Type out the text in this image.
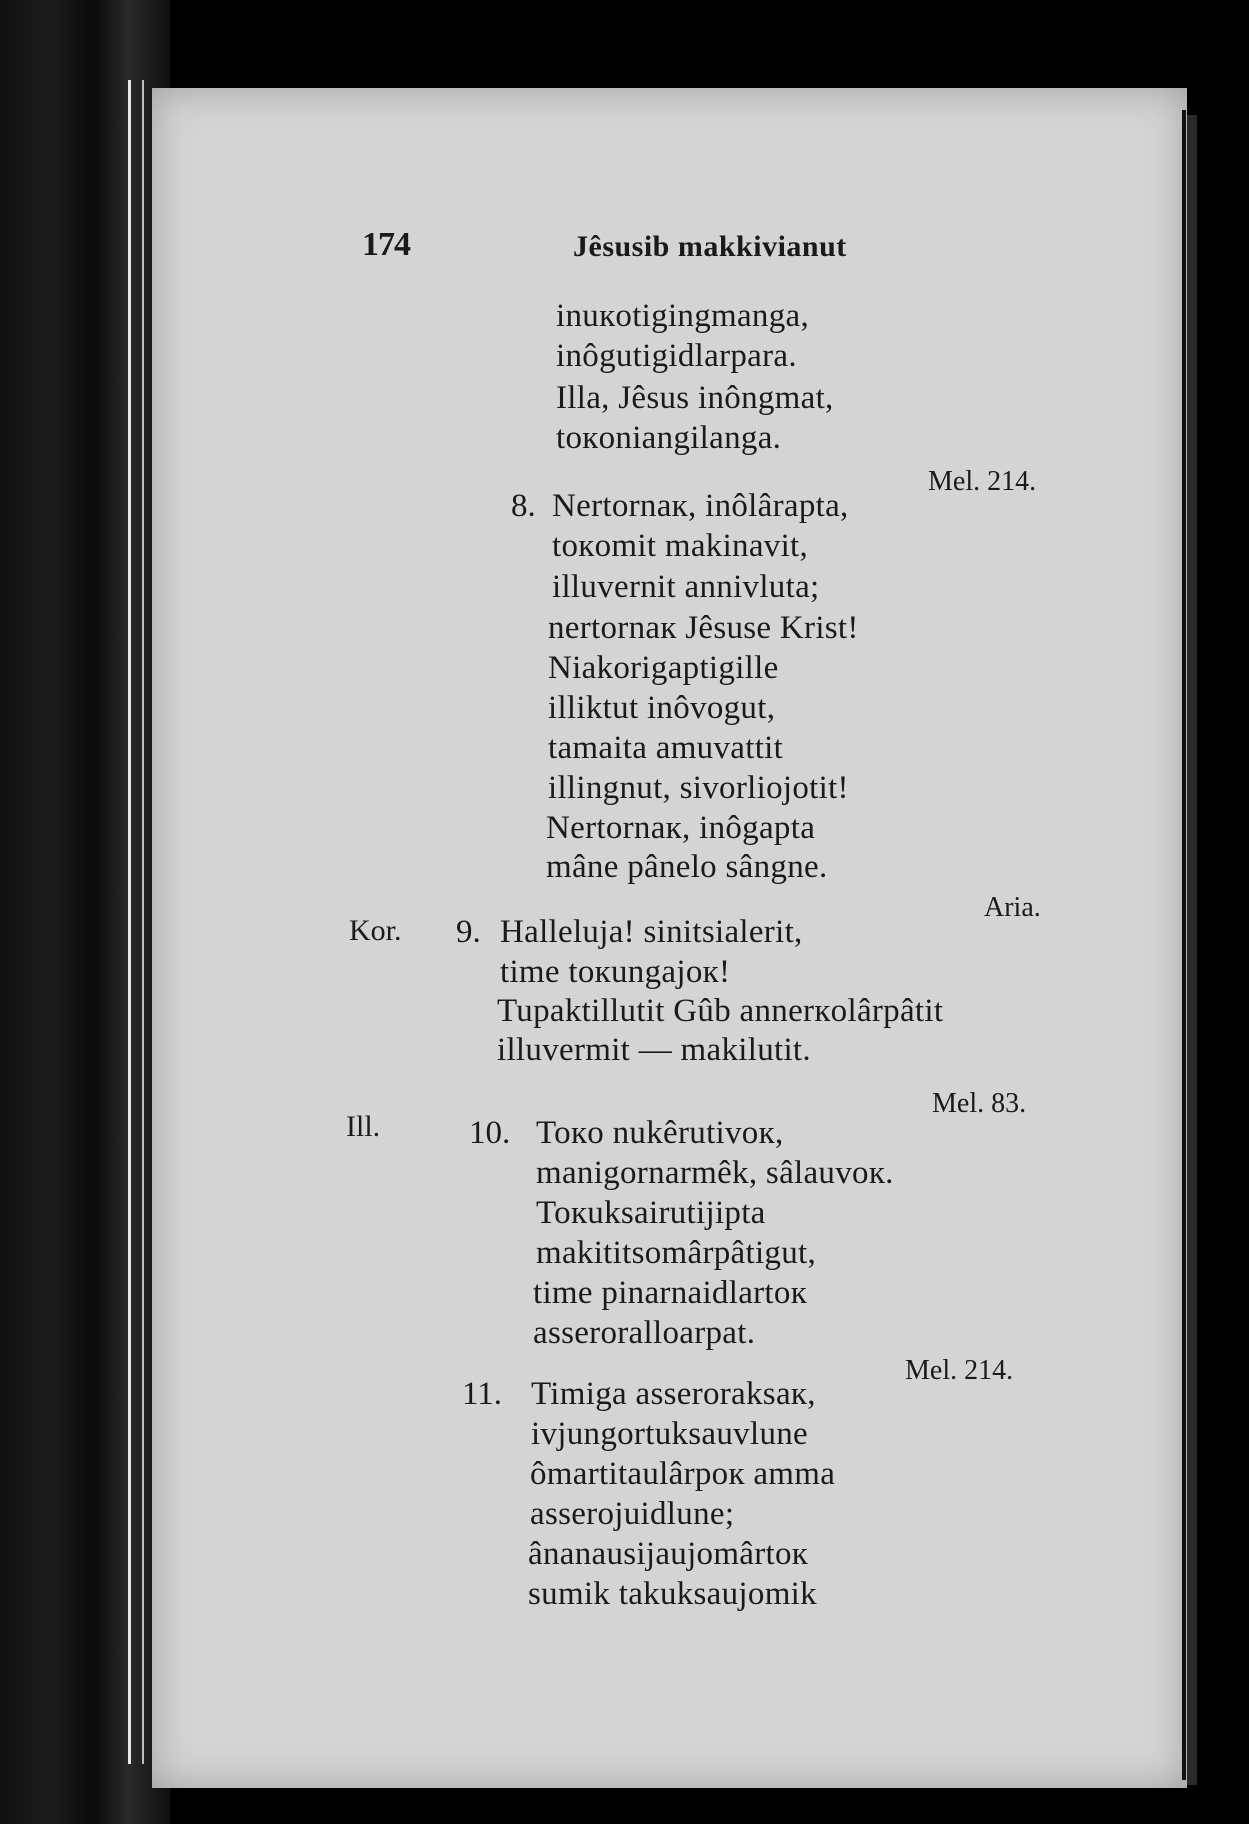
174	Jêsusib makkivianut
inuкotigingmanga,
inôgutigidlarpara.
Illa, Jêsus inôngmat,
toкoniangilanga.
Mel. 214.
8. Nertornaк, inôlârapta,
toкomit makinavit,
illuvernit annivluta;
nertornaк Jêsuse Krist!
Niakorigaptigille
illiktut inôvogut,
tamaita amuvattit
illingnut, sivorliojotit!
Nertornaк, inôgapta
mâne pânelo sângne.
Aria.
Kor. 9. Halleluja! sinitsialerit,
time toкungajoк!
Tupaktillutit Gûb annerкolârpâtit
illuvermit — makilutit.
Mel. 83.
Ill.	10. Toкo nukêrutivoк,
manigornarmêk, sâlauvoк.
Toкuksairutijipta
makititsomârpâtigut,
time pinarnaidlartoк
asseroralloarpat.
Mel. 214.
11. Timiga asseroraksaк,
ivjungortuksauvlune
ômartitaulârpoк amma
asserojuidlune;
ânanausijaujomârtoк
sumik takuksaujomik
